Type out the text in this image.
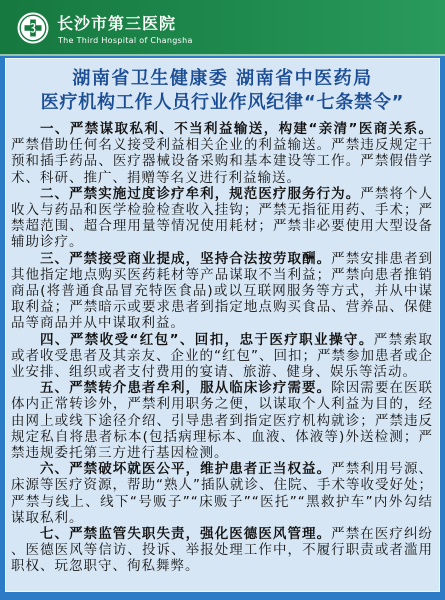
长沙市第三医院
The Third Hospital of Changsha
湖南省卫生健康委 湖南省中医药局
医疗机构工作人员行业作风纪律“七条禁令”

一、严禁谋取私利、不当利益输送，构建“亲清”医商关系。严禁借助任何名义接受利益相关企业的利益输送。严禁违反规定干预和插手药品、医疗器械设备采购和基本建设等工作。严禁假借学术、科研、推广、捐赠等名义进行利益输送。

二、严禁实施过度诊疗牟利，规范医疗服务行为。严禁将个人收入与药品和医学检验检查收入挂钩；严禁无指征用药、手术；严禁超范围、超合理用量等情况使用耗材；严禁非必要使用大型设备辅助诊疗。

三、严禁接受商业提成，坚持合法按劳取酬。严禁安排患者到其他指定地点购买医药耗材等产品谋取不当利益；严禁向患者推销商品(将普通食品冒充特医食品)或以互联网服务等方式，并从中谋取利益；严禁暗示或要求患者到指定地点购买食品、营养品、保健品等商品并从中谋取利益。

四、严禁收受“红包”、回扣，忠于医疗职业操守。严禁索取或者收受患者及其亲友、企业的“红包”、回扣；严禁参加患者或企业安排、组织或者支付费用的宴请、旅游、健身、娱乐等活动。

五、严禁转介患者牟利，服从临床诊疗需要。除因需要在医联体内正常转诊外，严禁利用职务之便，以谋取个人利益为目的，经由网上或线下途径介绍、引导患者到指定医疗机构就诊；严禁违反规定私自将患者标本(包括病理标本、血液、体液等)外送检测；严禁违规委托第三方进行基因检测。

六、严禁破坏就医公平，维护患者正当权益。严禁利用号源、床源等医疗资源，帮助“熟人”插队就诊、住院、手术等收受好处；严禁与线上、线下“号贩子”“床贩子”“医托”“黑救护车”内外勾结谋取私利。

七、严禁监管失职失责，强化医德医风管理。严禁在医疗纠纷、医德医风等信访、投诉、举报处理工作中，不履行职责或者滥用职权、玩忽职守、徇私舞弊。
